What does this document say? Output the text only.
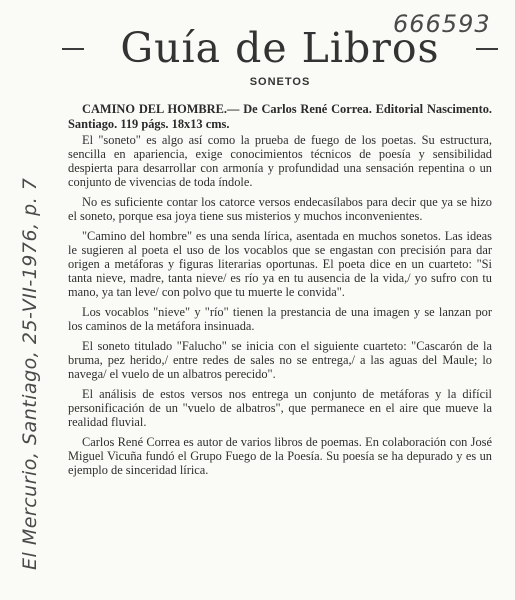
666593
El Mercurio, Santiago, 25-VII-1976, p. 7
Guía de Libros
SONETOS
CAMINO DEL HOMBRE.— De Carlos René Correa. Editorial Nascimento. Santiago. 119 págs. 18x13 cms.

El "soneto" es algo así como la prueba de fuego de los poetas. Su estructura, sencilla en apariencia, exige conocimientos técnicos de poesía y sensibilidad despierta para desarrollar con armonía y profundidad una sensación repentina o un conjunto de vivencias de toda índole.

No es suficiente contar los catorce versos endecasílabos para decir que ya se hizo el soneto, porque esa joya tiene sus misterios y muchos inconvenientes.

"Camino del hombre" es una senda lírica, asentada en muchos sonetos. Las ideas le sugieren al poeta el uso de los vocablos que se engastan con precisión para dar origen a metáforas y figuras literarias oportunas. El poeta dice en un cuarteto: "Si tanta nieve, madre, tanta nieve/ es río ya en tu ausencia de la vida,/ yo sufro con tu mano, ya tan leve/ con polvo que tu muerte le convida".

Los vocablos "nieve" y "río" tienen la prestancia de una imagen y se lanzan por los caminos de la metáfora insinuada.

El soneto titulado "Falucho" se inicia con el siguiente cuarteto: "Cascarón de la bruma, pez herido,/ entre redes de sales no se entrega,/ a las aguas del Maule; lo navega/ el vuelo de un albatros perecido".

El análisis de estos versos nos entrega un conjunto de metáforas y la difícil personificación de un "vuelo de albatros", que permanece en el aire que mueve la realidad fluvial.

Carlos René Correa es autor de varios libros de poemas. En colaboración con José Miguel Vicuña fundó el Grupo Fuego de la Poesía. Su poesía se ha depurado y es un ejemplo de sinceridad lírica.
